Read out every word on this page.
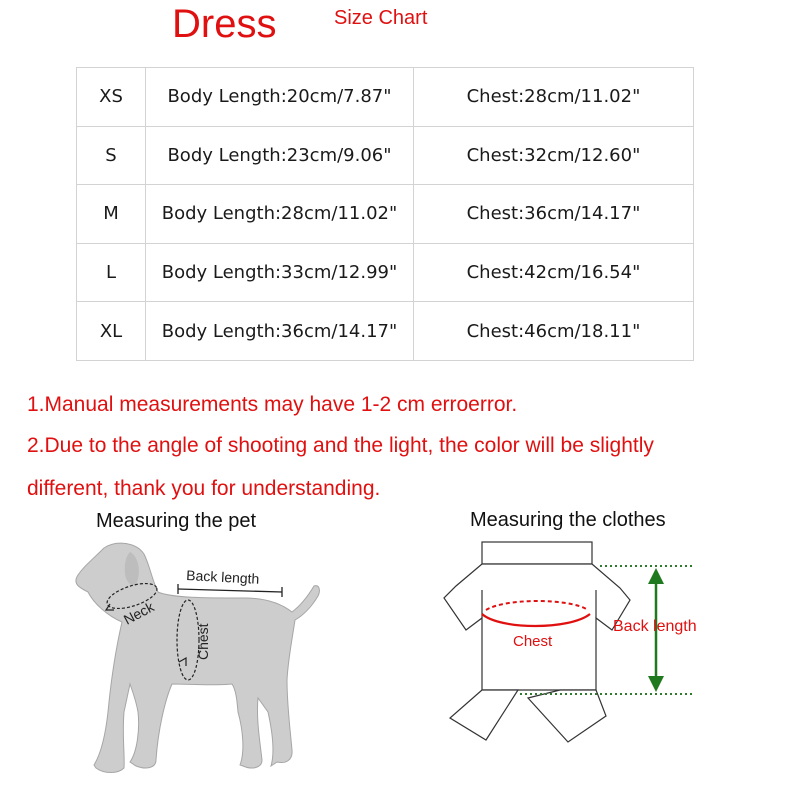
Dress	Size Chart
XS	Body Length:20cm/7.87"	Chest:28cm/11.02"
S	Body Length:23cm/9.06"	Chest:32cm/12.60"
M	Body Length:28cm/11.02"	Chest:36cm/14.17"
L	Body Length:33cm/12.99"	Chest:42cm/16.54"
XL	Body Length:36cm/14.17"	Chest:46cm/18.11"
1.Manual measurements may have 1-2 cm erroerror.
2.Due to the angle of shooting and the light, the color will be slightly
different, thank you for understanding.
Measuring the pet	Measuring the clothes
Back length
Neck
Chest	Chest
Back length
